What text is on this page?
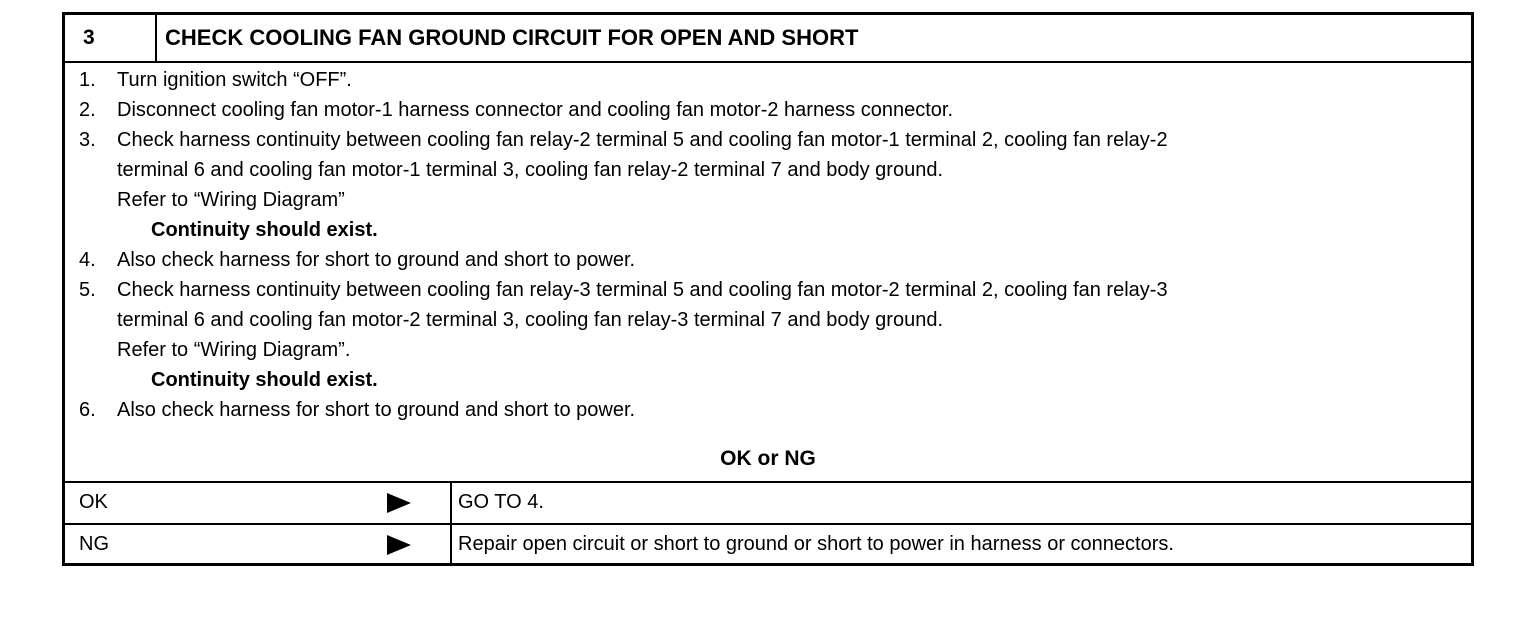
3	CHECK COOLING FAN GROUND CIRCUIT FOR OPEN AND SHORT
1. Turn ignition switch “OFF”.
2. Disconnect cooling fan motor-1 harness connector and cooling fan motor-2 harness connector.
3. Check harness continuity between cooling fan relay-2 terminal 5 and cooling fan motor-1 terminal 2, cooling fan relay-2
terminal 6 and cooling fan motor-1 terminal 3, cooling fan relay-2 terminal 7 and body ground.
Refer to “Wiring Diagram”
Continuity should exist.
4. Also check harness for short to ground and short to power.
5. Check harness continuity between cooling fan relay-3 terminal 5 and cooling fan motor-2 terminal 2, cooling fan relay-3
terminal 6 and cooling fan motor-2 terminal 3, cooling fan relay-3 terminal 7 and body ground.
Refer to “Wiring Diagram”.
Continuity should exist.
6. Also check harness for short to ground and short to power.
OK or NG
OK	GO TO 4.
NG	Repair open circuit or short to ground or short to power in harness or connectors.
